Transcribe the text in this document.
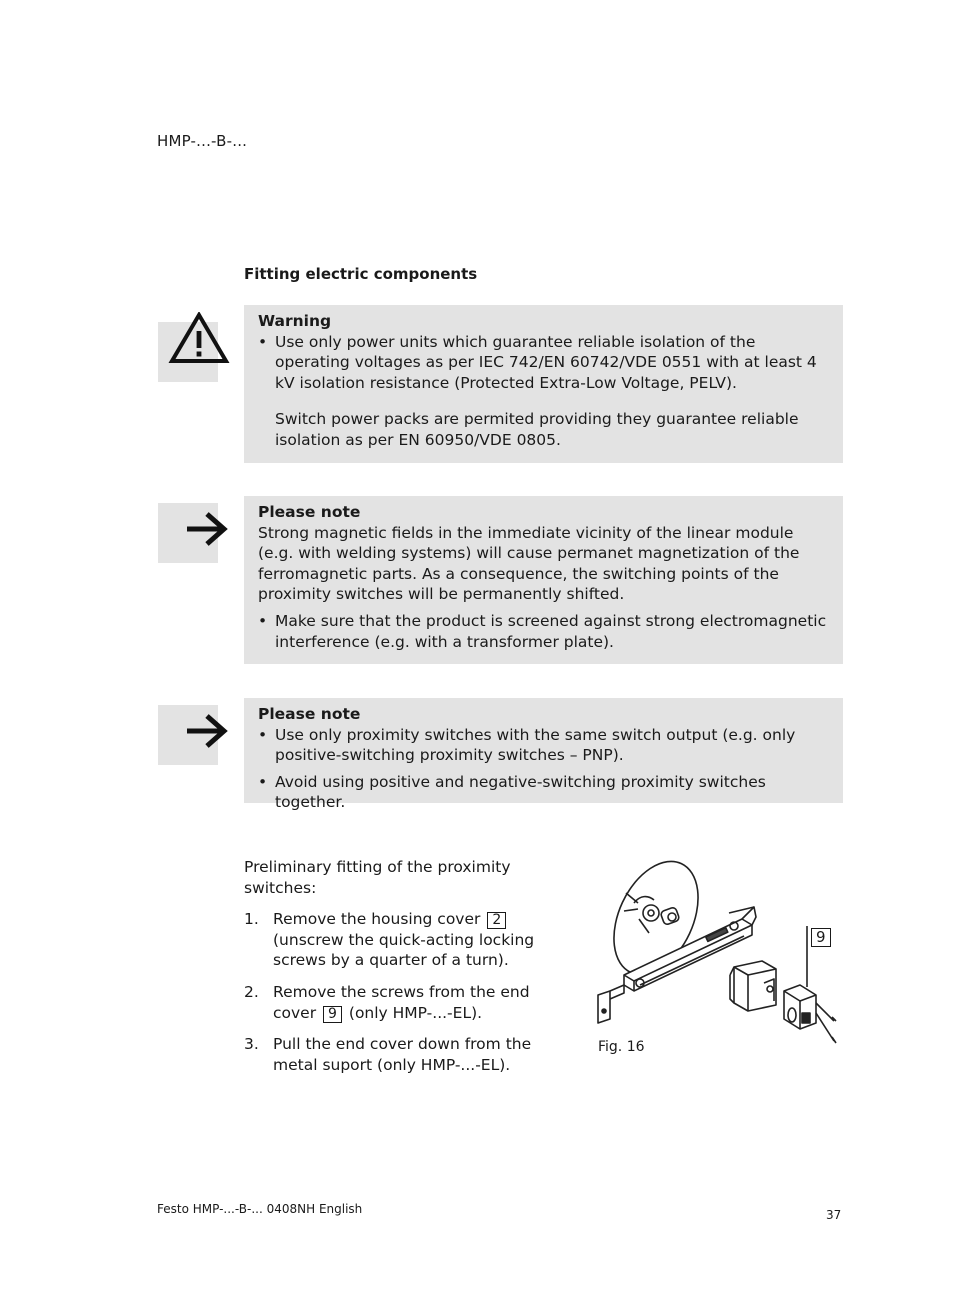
HMP-...-B-...
Fitting electric components
Warning
• Use only power units which guarantee reliable isolation of the operating voltages as per IEC 742/EN 60742/VDE 0551 with at least 4 kV isolation resistance (Protected Extra-Low Voltage, PELV).
Switch power packs are permited providing they guarantee reliable isolation as per EN 60950/VDE 0805.
Please note
Strong magnetic fields in the immediate vicinity of the linear module (e.g. with welding systems) will cause permanet magnetization of the ferromagnetic parts. As a consequence, the switching points of the proximity switches will be permanently shifted.
• Make sure that the product is screened against strong electromagnetic interference (e.g. with a transformer plate).
Please note
• Use only proximity switches with the same switch output (e.g. only positive-switching proximity switches – PNP).
• Avoid using positive and negative-switching proximity switches together.
Preliminary fitting of the proximity switches:
1. Remove the housing cover 2 (unscrew the quick-acting locking screws by a quarter of a turn).
2. Remove the screws from the end cover 9 (only HMP-...-EL).
3. Pull the end cover down from the metal suport (only HMP-...-EL).
9
Fig. 16
Festo HMP-...-B-... 0408NH English	37
